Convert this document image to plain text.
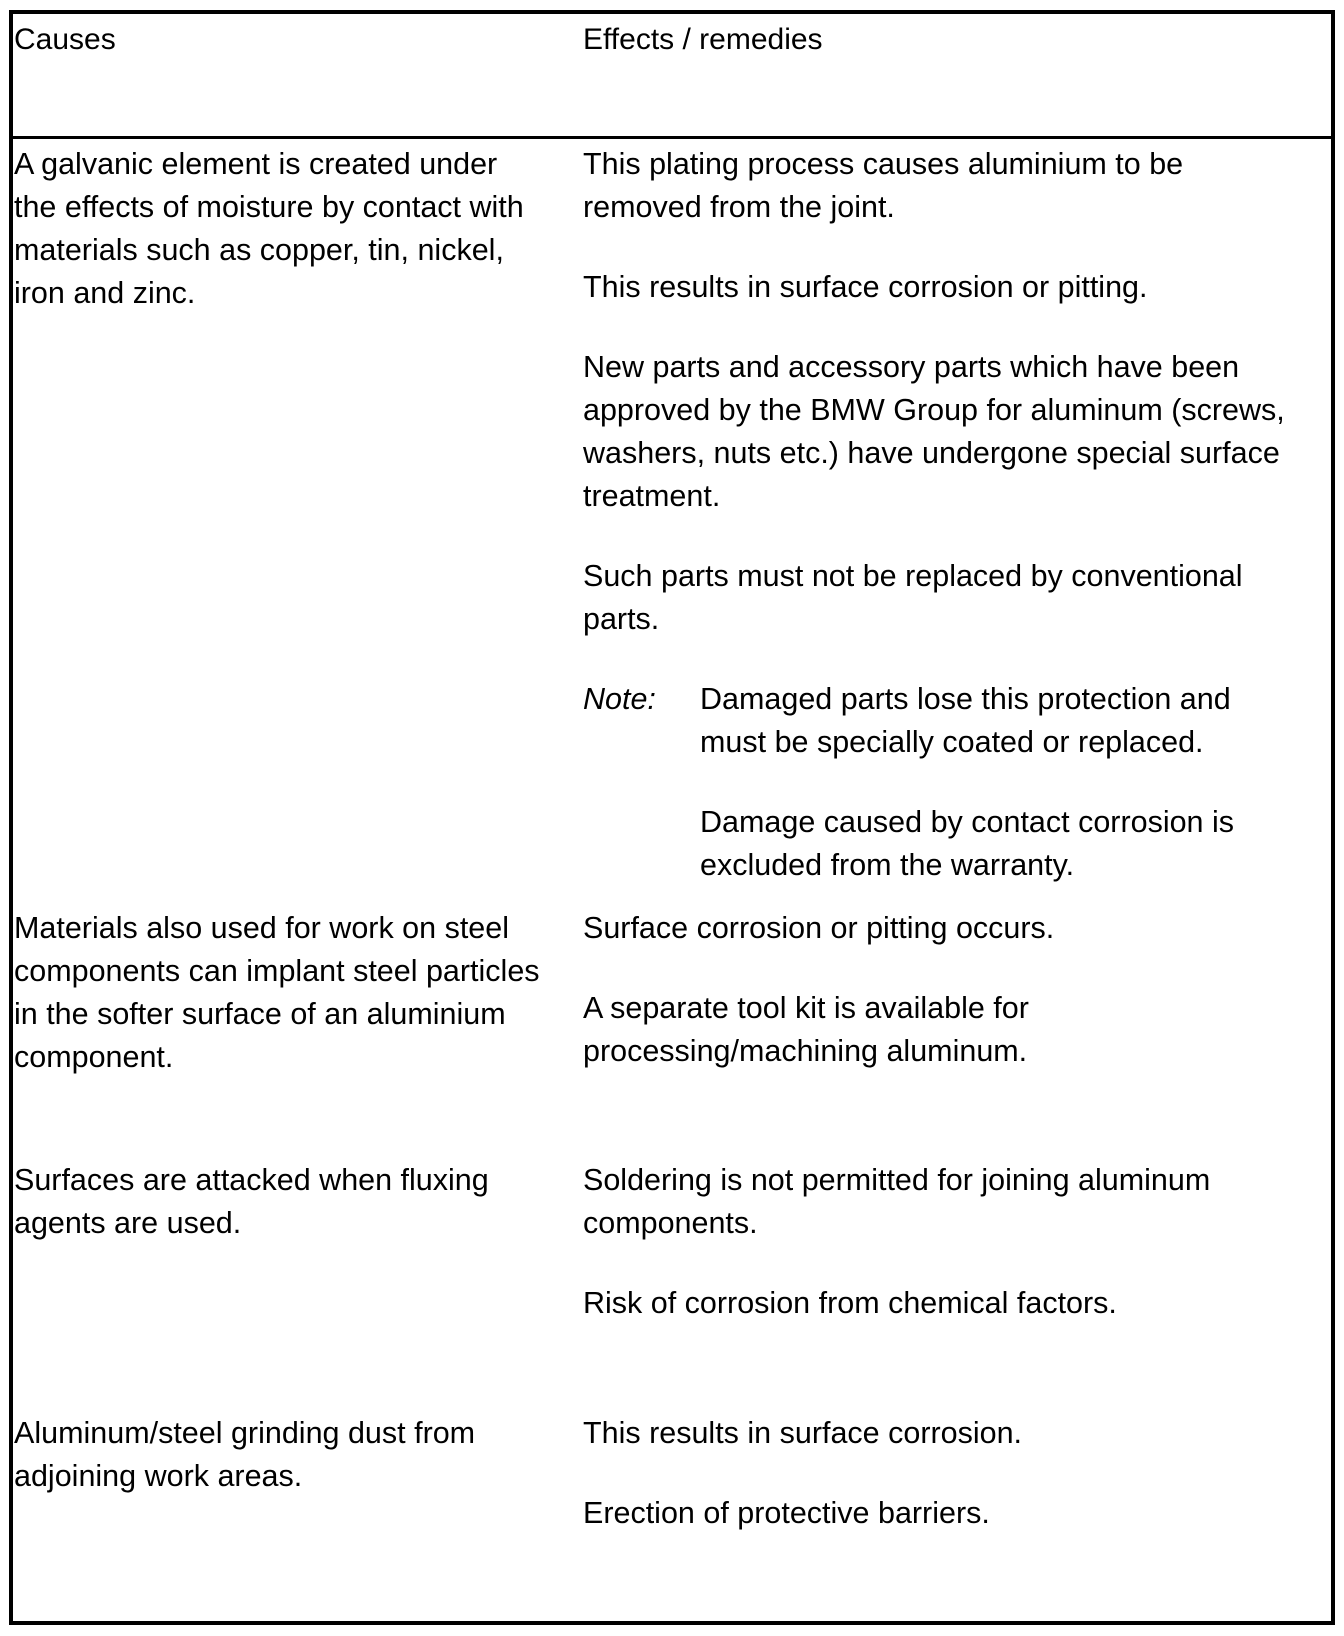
Causes	Effects / remedies

A galvanic element is created under

the effects of moisture by contact with

materials such as copper, tin, nickel,

iron and zinc.

This plating process causes aluminium to be

removed from the joint.

This results in surface corrosion or pitting.

New parts and accessory parts which have been

approved by the BMW Group for aluminum (screws,

washers, nuts etc.) have undergone special surface

treatment.

Such parts must not be replaced by conventional

parts.

Note: Damaged parts lose this protection and

must be specially coated or replaced.

Damage caused by contact corrosion is

excluded from the warranty.

Materials also used for work on steel

components can implant steel particles

in the softer surface of an aluminium

component.

Surface corrosion or pitting occurs.

A separate tool kit is available for

processing/machining aluminum.

Surfaces are attacked when fluxing

agents are used.

Soldering is not permitted for joining aluminum

components.

Risk of corrosion from chemical factors.

Aluminum/steel grinding dust from

adjoining work areas.

This results in surface corrosion.

Erection of protective barriers.
